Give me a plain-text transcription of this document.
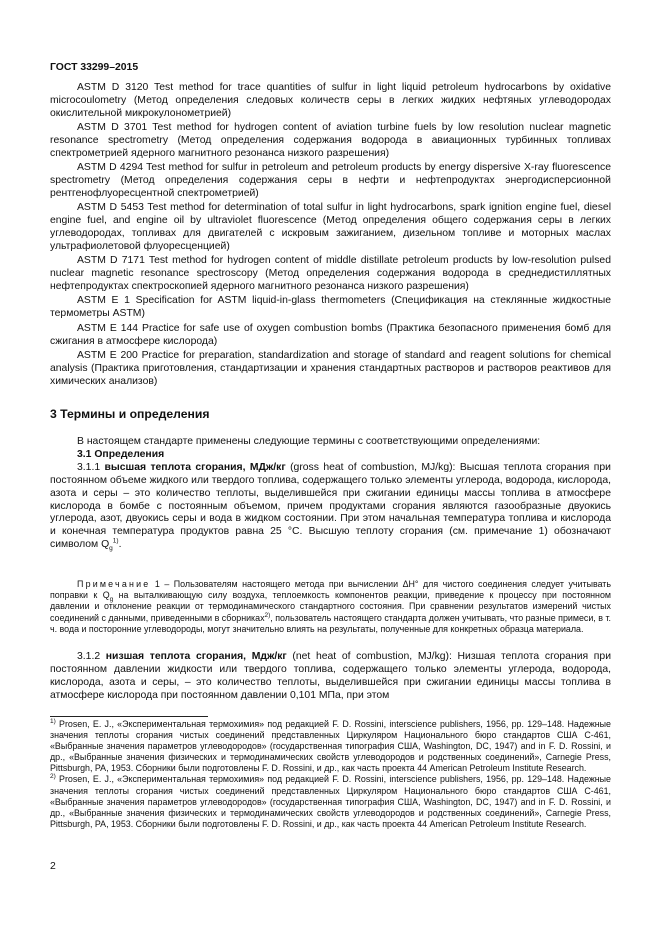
ГОСТ 33299–2015

ASTM D 3120 Test method for trace quantities of sulfur in light liquid petroleum hydrocarbons by oxidative microcoulometry (Метод определения следовых количеств серы в легких жидких нефтяных углеводородах окислительной микрокулонометрией)

ASTM D 3701 Test method for hydrogen content of aviation turbine fuels by low resolution nuclear magnetic resonance spectrometry (Метод определения содержания водорода в авиационных турбинных топливах спектрометрией ядерного магнитного резонанса низкого разрешения)

ASTM D 4294 Test method for sulfur in petroleum and petroleum products by energy dispersive X-ray fluorescence spectrometry (Метод определения содержания серы в нефти и нефтепродуктах энергодисперсионной рентгенофлуоресцентной спектрометрией)

ASTM D 5453 Test method for determination of total sulfur in light hydrocarbons, spark ignition engine fuel, diesel engine fuel, and engine oil by ultraviolet fluorescence (Метод определения общего содержания серы в легких углеводородах, топливах для двигателей с искровым зажиганием, дизельном топливе и моторных маслах ультрафиолетовой флуоресценцией)

ASTM D 7171 Test method for hydrogen content of middle distillate petroleum products by low-resolution pulsed nuclear magnetic resonance spectroscopy (Метод определения содержания водорода в среднедистиллятных нефтепродуктах спектроскопией ядерного магнитного резонанса низкого разрешения)

ASTM E 1 Specification for ASTM liquid-in-glass thermometers (Спецификация на стеклянные жидкостные термометры ASTM)

ASTM E 144 Practice for safe use of oxygen combustion bombs (Практика безопасного применения бомб для сжигания в атмосфере кислорода)

ASTM E 200 Practice for preparation, standardization and storage of standard and reagent solutions for chemical analysis (Практика приготовления, стандартизации и хранения стандартных растворов и растворов реактивов для химических анализов)

3 Термины и определения

В настоящем стандарте применены следующие термины с соответствующими определениями:

3.1 Определения

3.1.1 высшая теплота сгорания, МДж/кг (gross heat of combustion, MJ/kg): Высшая теплота сгорания при постоянном объеме жидкого или твердого топлива, содержащего только элементы углерода, водорода, кислорода, азота и серы – это количество теплоты, выделившейся при сжигании единицы массы топлива в атмосфере кислорода в бомбе с постоянным объемом, причем продуктами сгорания являются газообразные двуокись углерода, азот, двуокись серы и вода в жидком состоянии. При этом начальная температура топлива и кислорода и конечная температура продуктов равна 25 °С. Высшую теплоту сгорания (см. примечание 1) обозначают символом $Q_g^{1)}$.

Примечание 1 – Пользователям настоящего метода при вычислении ΔH° для чистого соединения следует учитывать поправки к $Q_g$ на выталкивающую силу воздуха, теплоемкость компонентов реакции, приведение к процессу при постоянном давлении и отклонение реакции от термодинамического стандартного состояния. При сравнении результатов измерений чистых соединений с данными, приведенными в сборниках$^{2)}$, пользователь настоящего стандарта должен учитывать, что разные примеси, в т. ч. вода и посторонние углеводороды, могут значительно влиять на результаты, полученные для конкретных образца материала.

3.1.2 низшая теплота сгорания, Мдж/кг (net heat of combustion, MJ/kg): Низшая теплота сгорания при постоянном давлении жидкости или твердого топлива, содержащего только элементы углерода, водорода, кислорода, азота и серы, – это количество теплоты, выделившейся при сжигании единицы массы топлива в атмосфере кислорода при постоянном давлении 0,101 МПа, при этом

$^{1)}$ Prosen, E. J., «Экспериментальная термохимия» под редакцией F. D. Rossini, interscience publishers, 1956, pp. 129–148. Надежные значения теплоты сгорания чистых соединений представленных Циркуляром Национального бюро стандартов США С-461, «Выбранные значения параметров углеводородов» (государственная типография США, Washington, DC, 1947) and in F. D. Rossini, и др., «Выбранные значения физических и термодинамических свойств углеводородов и родственных соединений», Carnegie Press, Pittsburgh, PA, 1953. Сборники были подготовлены F. D. Rossini, и др., как часть проекта 44 American Petroleum Institute Research.

$^{2)}$ Prosen, E. J., «Экспериментальная термохимия» под редакцией F. D. Rossini, interscience publishers, 1956, pp. 129–148. Надежные значения теплоты сгорания чистых соединений представленных Циркуляром Национального бюро стандартов США С-461, «Выбранные значения параметров углеводородов» (государственная типография США, Washington, DC, 1947) and in F. D. Rossini, и др., «Выбранные значения физических и термодинамических свойств углеводородов и родственных соединений», Carnegie Press, Pittsburgh, PA, 1953. Сборники были подготовлены F. D. Rossini, и др., как часть проекта 44 American Petroleum Institute Research.

2
